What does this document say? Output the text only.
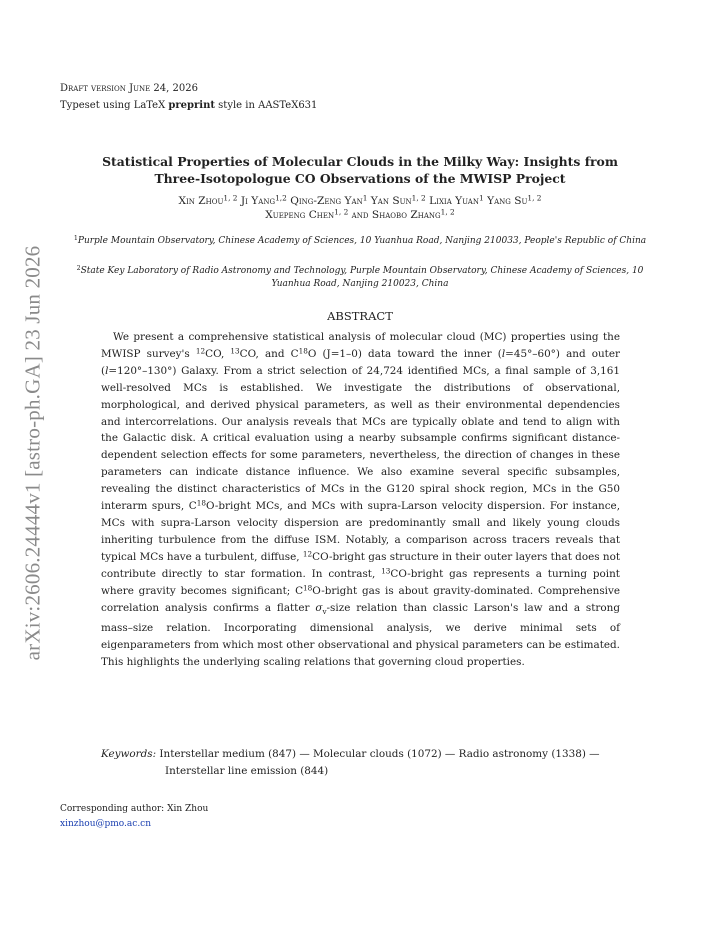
arXiv:2606.24444v1 [astro-ph.GA] 23 Jun 2026
Draft version June 24, 2026
Typeset using LaTeX preprint style in AASTeX631
Statistical Properties of Molecular Clouds in the Milky Way: Insights from Three-Isotopologue CO Observations of the MWISP Project
Xin Zhou$^{1, 2}$ Ji Yang$^{1,2}$ Qing-Zeng Yan$^1$ Yan Sun$^{1, 2}$ Lixia Yuan$^1$ Yang Su$^{1, 2}$
Xuepeng Chen$^{1, 2}$ and Shaobo Zhang$^{1, 2}$
$^1$Purple Mountain Observatory, Chinese Academy of Sciences, 10 Yuanhua Road, Nanjing 210033, People's Republic of China
$^2$State Key Laboratory of Radio Astronomy and Technology, Purple Mountain Observatory, Chinese Academy of Sciences, 10 Yuanhua Road, Nanjing 210023, China
ABSTRACT

We present a comprehensive statistical analysis of molecular cloud (MC) properties using the MWISP survey's $^{12}$CO, $^{13}$CO, and $C^{18}O$ (J=1–0) data toward the inner (l=45°–60°) and outer (l=120°–130°) Galaxy. From a strict selection of 24,724 identified MCs, a final sample of 3,161 well-resolved MCs is established. We investigate the distributions of observational, morphological, and derived physical parameters, as well as their environmental dependencies and intercorrelations. Our analysis reveals that MCs are typically oblate and tend to align with the Galactic disk. A critical evaluation using a nearby subsample confirms significant distance-dependent selection effects for some parameters, nevertheless, the direction of changes in these parameters can indicate distance influence. We also examine several specific subsamples, revealing the distinct characteristics of MCs in the G120 spiral shock region, MCs in the G50 interarm spurs, $C^{18}O$-bright MCs, and MCs with supra-Larson velocity dispersion. For instance, MCs with supra-Larson velocity dispersion are predominantly small and likely young clouds inheriting turbulence from the diffuse ISM. Notably, a comparison across tracers reveals that typical MCs have a turbulent, diffuse, $^{12}$CO-bright gas structure in their outer layers that does not contribute directly to star formation. In contrast, $^{13}$CO-bright gas represents a turning point where gravity becomes significant; $C^{18}O$-bright gas is about gravity-dominated. Comprehensive correlation analysis confirms a flatter $\sigma_v$-size relation than classic Larson's law and a strong mass–size relation. Incorporating dimensional analysis, we derive minimal sets of eigenparameters from which most other observational and physical parameters can be estimated. This highlights the underlying scaling relations that governing cloud properties.

Keywords: Interstellar medium (847) — Molecular clouds (1072) — Radio astronomy (1338) — Interstellar line emission (844)
Corresponding author: Xin Zhou
xinzhou@pmo.ac.cn
